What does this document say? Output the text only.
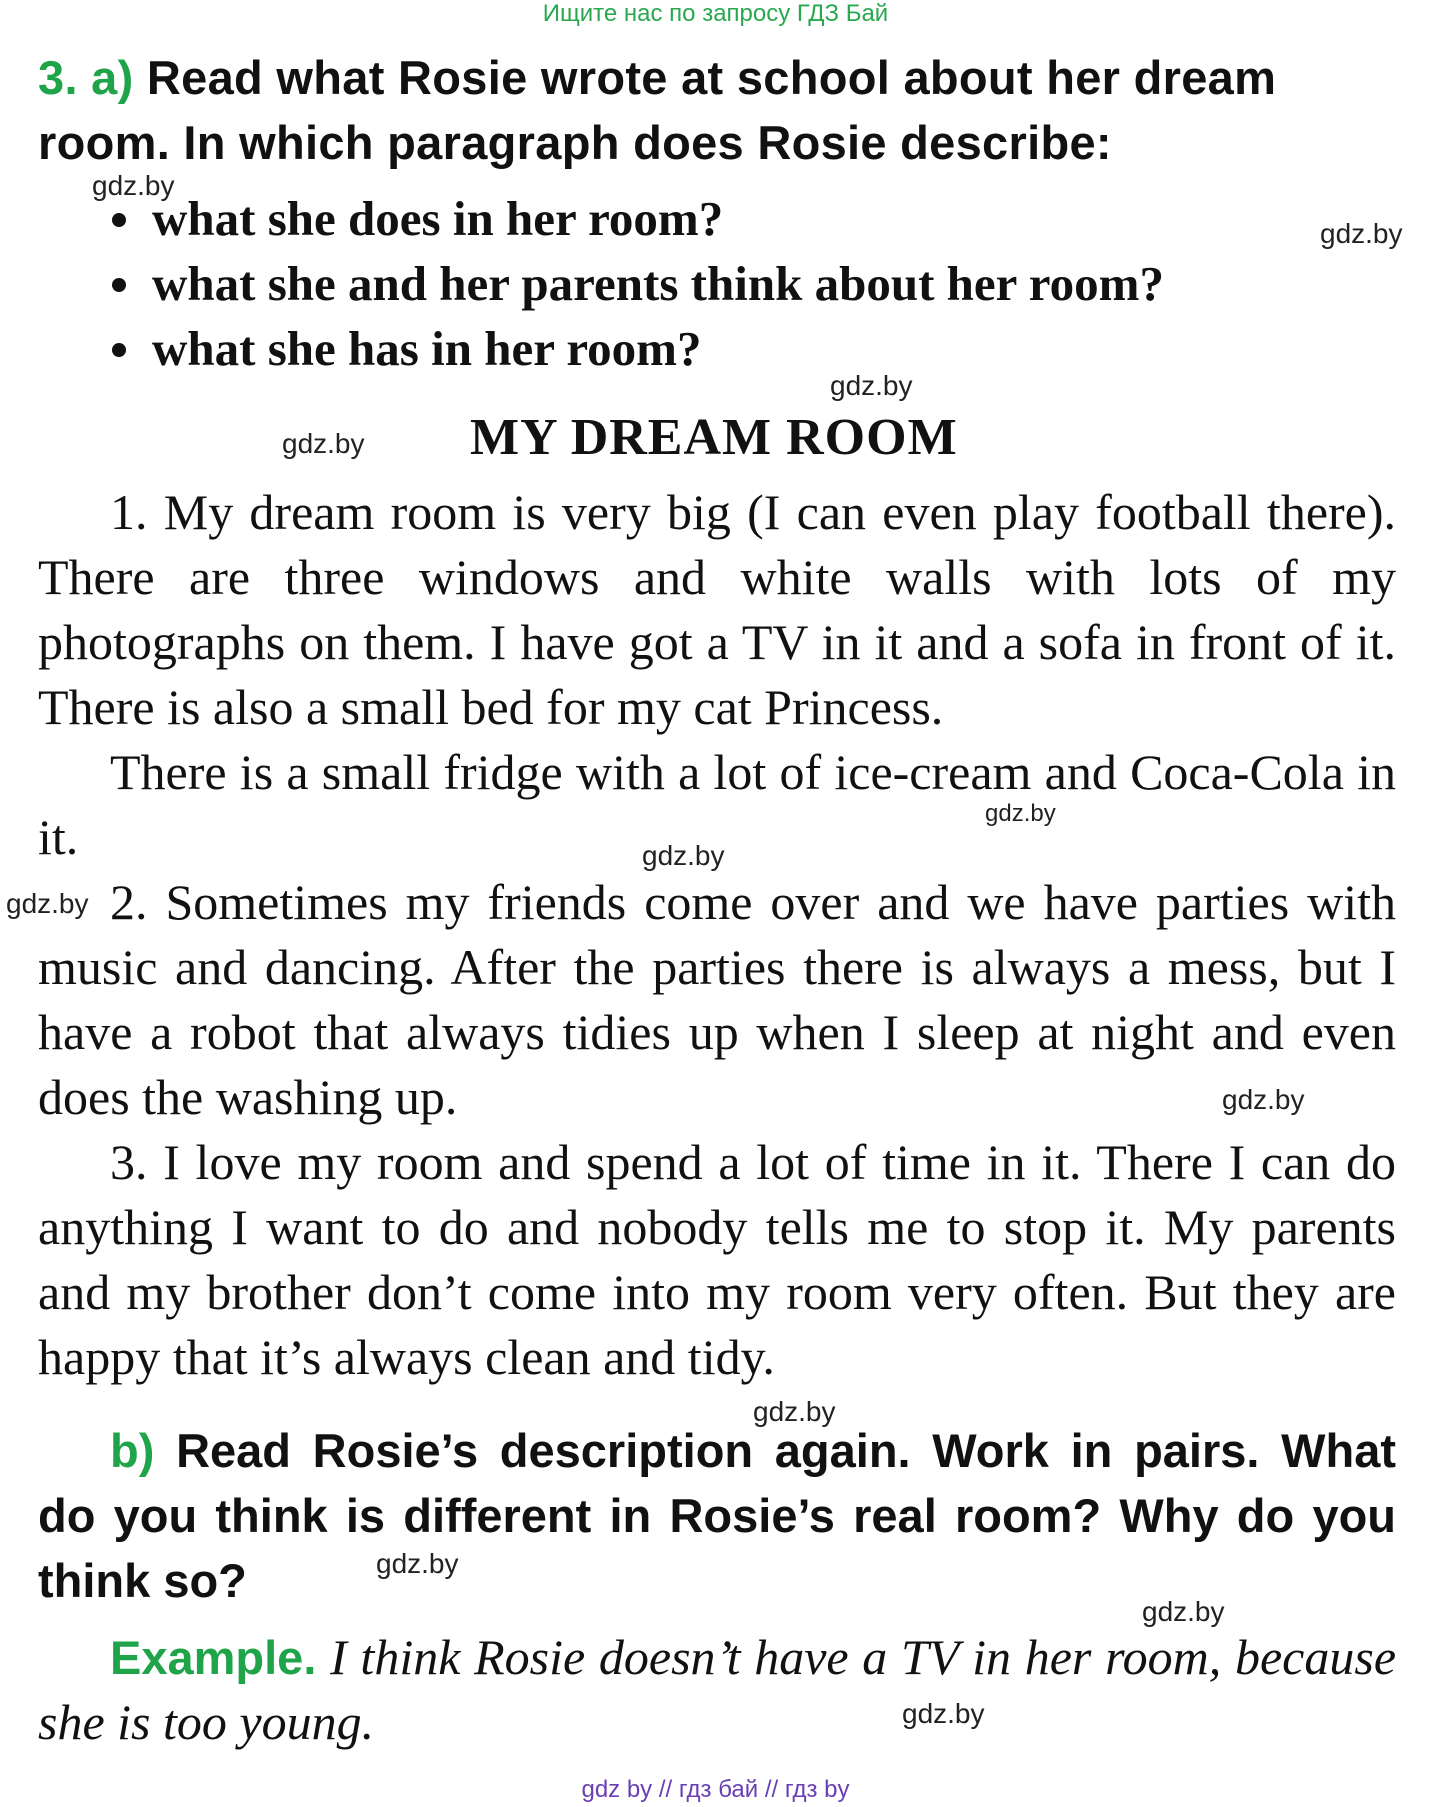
Ищите нас по запросу ГДЗ Бай
3. a) Read what Rosie wrote at school about her dream
room. In which paragraph does Rosie describe:
what she does in her room?
what she and her parents think about her room?
what she has in her room?
MY DREAM ROOM
1. My dream room is very big (I can even play football there). There are three windows and white walls with lots of my photographs on them. I have got a TV in it and a sofa in front of it. There is also a small bed for my cat Princess.
There is a small fridge with a lot of ice-cream and Coca-Cola in it.
2. Sometimes my friends come over and we have parties with music and dancing. After the parties there is always a mess, but I have a robot that always tidies up when I sleep at night and even does the washing up.
3. I love my room and spend a lot of time in it. There I can do anything I want to do and nobody tells me to stop it. My parents and my brother don’t come into my room very often. But they are happy that it’s always clean and tidy.
b) Read Rosie’s description again. Work in pairs. What do you think is different in Rosie’s real room? Why do you think so?
Example. I think Rosie doesn’t have a TV in her room, because she is too young.
gdz.by
gdz.by
gdz.by
gdz.by
gdz.by
gdz.by
gdz.by
gdz.by
gdz.by
gdz.by
gdz.by
gdz.by
gdz by // гдз бай // гдз by
